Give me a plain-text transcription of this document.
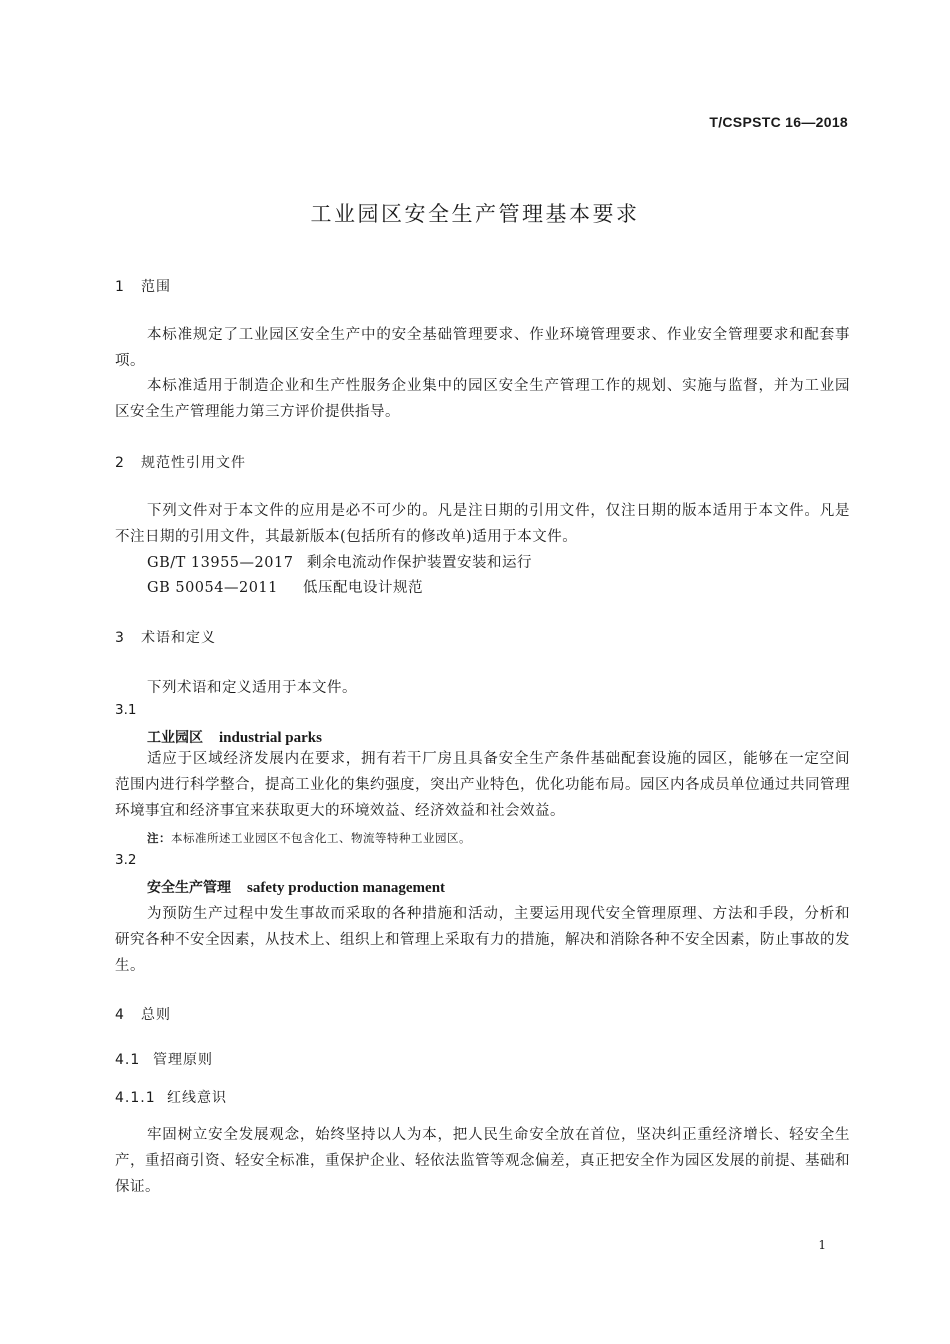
T/CSPSTC 16—2018
工业园区安全生产管理基本要求
1 范围
本标准规定了工业园区安全生产中的安全基础管理要求、作业环境管理要求、作业安全管理要求和配套事项。
本标准适用于制造企业和生产性服务企业集中的园区安全生产管理工作的规划、实施与监督，并为工业园区安全生产管理能力第三方评价提供指导。
2 规范性引用文件
下列文件对于本文件的应用是必不可少的。凡是注日期的引用文件，仅注日期的版本适用于本文件。凡是不注日期的引用文件，其最新版本(包括所有的修改单)适用于本文件。
GB/T 13955—2017 剩余电流动作保护装置安装和运行
GB 50054—2011 低压配电设计规范
3 术语和定义
下列术语和定义适用于本文件。
3.1
工业园区 industrial parks
适应于区域经济发展内在要求，拥有若干厂房且具备安全生产条件基础配套设施的园区，能够在一定空间范围内进行科学整合，提高工业化的集约强度，突出产业特色，优化功能布局。园区内各成员单位通过共同管理环境事宜和经济事宜来获取更大的环境效益、经济效益和社会效益。
注：本标准所述工业园区不包含化工、物流等特种工业园区。
3.2
安全生产管理 safety production management
为预防生产过程中发生事故而采取的各种措施和活动，主要运用现代安全管理原理、方法和手段，分析和研究各种不安全因素，从技术上、组织上和管理上采取有力的措施，解决和消除各种不安全因素，防止事故的发生。
4 总则
4.1 管理原则
4.1.1 红线意识
牢固树立安全发展观念，始终坚持以人为本，把人民生命安全放在首位，坚决纠正重经济增长、轻安全生产，重招商引资、轻安全标准，重保护企业、轻依法监管等观念偏差，真正把安全作为园区发展的前提、基础和保证。
1
